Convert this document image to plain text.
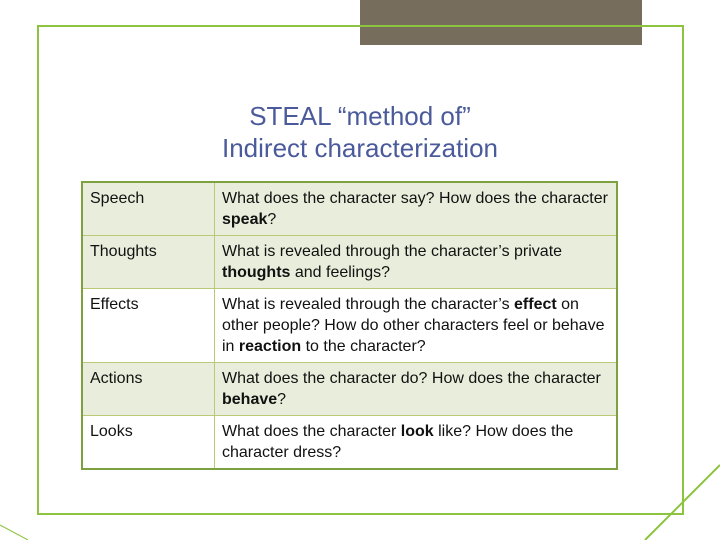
STEAL “method of”
Indirect characterization
Speech	What does the character say? How does the character speak?
Thoughts	What is revealed through the character’s private thoughts and feelings?
Effects	What is revealed through the character’s effect on other people? How do other characters feel or behave in reaction to the character?
Actions	What does the character do? How does the character behave?
Looks	What does the character look like? How does the character dress?
